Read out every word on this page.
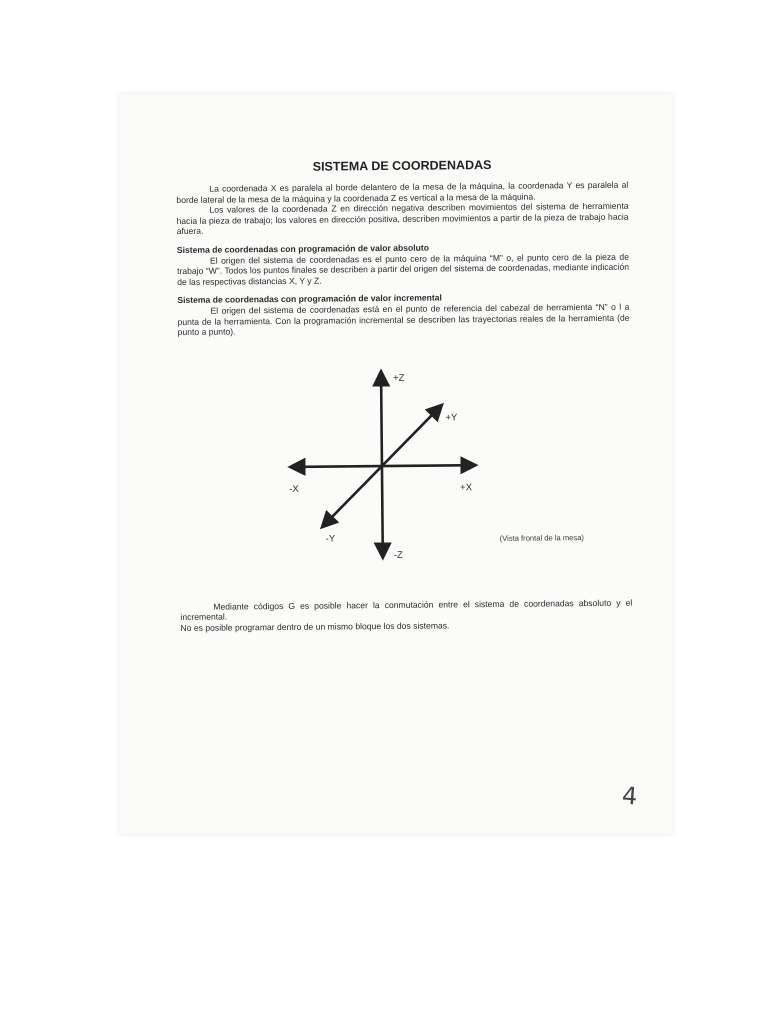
SISTEMA DE COORDENADAS

La coordenada X es paralela al borde delantero de la mesa de la máquina, la coordenada Y es paralela al borde lateral de la mesa de la máquina y la coordenada Z es vertical a la mesa de la máquina.

Los valores de la coordenada Z en dirección negativa describen movimientos del sistema de herramienta hacia la pieza de trabajo; los valores en dirección positiva, describen movimientos a partir de la pieza de trabajo hacia afuera.

Sistema de coordenadas con programación de valor absoluto

El origen del sistema de coordenadas es el punto cero de la máquina “M” o, el punto cero de la pieza de trabajo “W”. Todos los puntos finales se describen a partir del origen del sistema de coordenadas, mediante indicación de las respectivas distancias X, Y y Z.

Sistema de coordenadas con programación de valor incremental

El origen del sistema de coordenadas está en el punto de referencia del cabezal de herramienta “N” o l a punta de la herramienta. Con la programación incremental se describen las trayectorias reales de la herramienta (de punto a punto).

+Z
+Y
-X	+X
-Y
-Z
(Vista frontal de la mesa)

Mediante códigos G es posible hacer la conmutación entre el sistema de coordenadas absoluto y el incremental.

No es posible programar dentro de un mismo bloque los dos sistemas.

4
